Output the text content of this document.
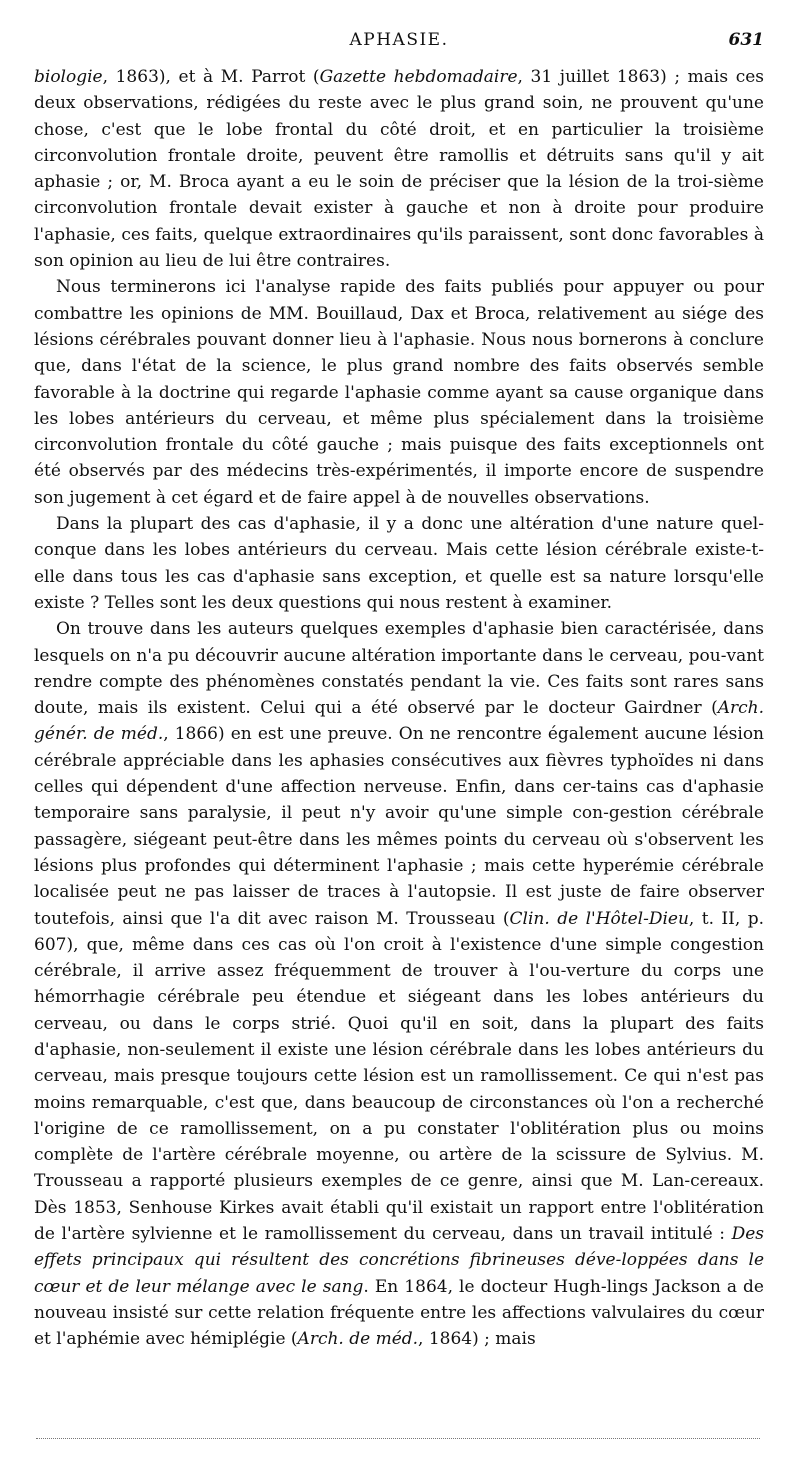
APHASIE.	631

biologie, 1863), et à M. Parrot (Gazette hebdomadaire, 31 juillet 1863) ; mais ces deux observations, rédigées du reste avec le plus grand soin, ne prouvent qu'une chose, c'est que le lobe frontal du côté droit, et en particulier la troisième circonvolution frontale droite, peuvent être ramollis et détruits sans qu'il y ait aphasie ; or, M. Broca ayant a eu le soin de préciser que la lésion de la troi-sième circonvolution frontale devait exister à gauche et non à droite pour produire l'aphasie, ces faits, quelque extraordinaires qu'ils paraissent, sont donc favorables à son opinion au lieu de lui être contraires.

Nous terminerons ici l'analyse rapide des faits publiés pour appuyer ou pour combattre les opinions de MM. Bouillaud, Dax et Broca, relativement au siége des lésions cérébrales pouvant donner lieu à l'aphasie. Nous nous bornerons à conclure que, dans l'état de la science, le plus grand nombre des faits observés semble favorable à la doctrine qui regarde l'aphasie comme ayant sa cause organique dans les lobes antérieurs du cerveau, et même plus spécialement dans la troisième circonvolution frontale du côté gauche ; mais puisque des faits exceptionnels ont été observés par des médecins très-expérimentés, il importe encore de suspendre son jugement à cet égard et de faire appel à de nouvelles observations.

Dans la plupart des cas d'aphasie, il y a donc une altération d'une nature quel-conque dans les lobes antérieurs du cerveau. Mais cette lésion cérébrale existe-t-elle dans tous les cas d'aphasie sans exception, et quelle est sa nature lorsqu'elle existe ? Telles sont les deux questions qui nous restent à examiner.

On trouve dans les auteurs quelques exemples d'aphasie bien caractérisée, dans lesquels on n'a pu découvrir aucune altération importante dans le cerveau, pou-vant rendre compte des phénomènes constatés pendant la vie. Ces faits sont rares sans doute, mais ils existent. Celui qui a été observé par le docteur Gairdner (Arch. génér. de méd., 1866) en est une preuve. On ne rencontre également aucune lésion cérébrale appréciable dans les aphasies consécutives aux fièvres typhoïdes ni dans celles qui dépendent d'une affection nerveuse. Enfin, dans cer-tains cas d'aphasie temporaire sans paralysie, il peut n'y avoir qu'une simple con-gestion cérébrale passagère, siégeant peut-être dans les mêmes points du cerveau où s'observent les lésions plus profondes qui déterminent l'aphasie ; mais cette hyperémie cérébrale localisée peut ne pas laisser de traces à l'autopsie. Il est juste de faire observer toutefois, ainsi que l'a dit avec raison M. Trousseau (Clin. de l'Hôtel-Dieu, t. II, p. 607), que, même dans ces cas où l'on croit à l'existence d'une simple congestion cérébrale, il arrive assez fréquemment de trouver à l'ou-verture du corps une hémorrhagie cérébrale peu étendue et siégeant dans les lobes antérieurs du cerveau, ou dans le corps strié. Quoi qu'il en soit, dans la plupart des faits d'aphasie, non-seulement il existe une lésion cérébrale dans les lobes antérieurs du cerveau, mais presque toujours cette lésion est un ramollissement. Ce qui n'est pas moins remarquable, c'est que, dans beaucoup de circonstances où l'on a recherché l'origine de ce ramollissement, on a pu constater l'oblitération plus ou moins complète de l'artère cérébrale moyenne, ou artère de la scissure de Sylvius. M. Trousseau a rapporté plusieurs exemples de ce genre, ainsi que M. Lan-cereaux. Dès 1853, Senhouse Kirkes avait établi qu'il existait un rapport entre l'oblitération de l'artère sylvienne et le ramollissement du cerveau, dans un travail intitulé : Des effets principaux qui résultent des concrétions fibrineuses déve-loppées dans le cœur et de leur mélange avec le sang. En 1864, le docteur Hugh-lings Jackson a de nouveau insisté sur cette relation fréquente entre les affections valvulaires du cœur et l'aphémie avec hémiplégie (Arch. de méd., 1864) ; mais
